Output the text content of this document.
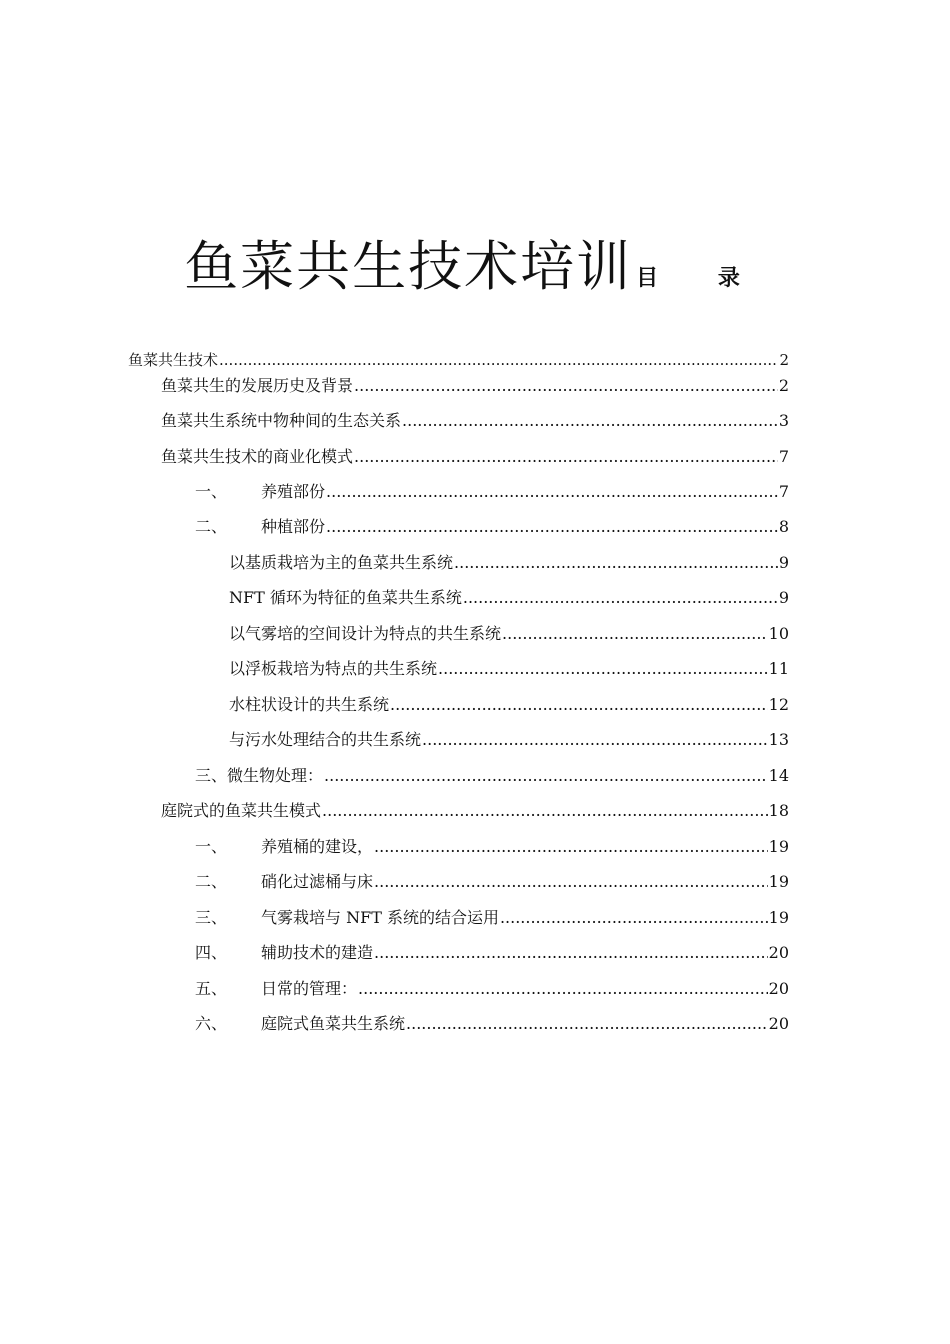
鱼菜共生技术培训 目 录
鱼菜共生技术 .....	2
鱼菜共生的发展历史及背景 .....	2
鱼菜共生系统中物种间的生态关系 .....	3
鱼菜共生技术的商业化模式 .....	7
一、	养殖部份 .....	7
二、	种植部份 .....	8
以基质栽培为主的鱼菜共生系统 .....	9
NFT 循环为特征的鱼菜共生系统 .....	9
以气雾培的空间设计为特点的共生系统 .....	10
以浮板栽培为特点的共生系统 .....	11
水柱状设计的共生系统 .....	12
与污水处理结合的共生系统 .....	13
三、微生物处理： .....	14
庭院式的鱼菜共生模式 .....	18
一、	养殖桶的建设， .....	19
二、	硝化过滤桶与床 .....	19
三、	气雾栽培与 NFT 系统的结合运用 .....	19
四、	辅助技术的建造 .....	20
五、	日常的管理： .....	20
六、	庭院式鱼菜共生系统 .....	20
